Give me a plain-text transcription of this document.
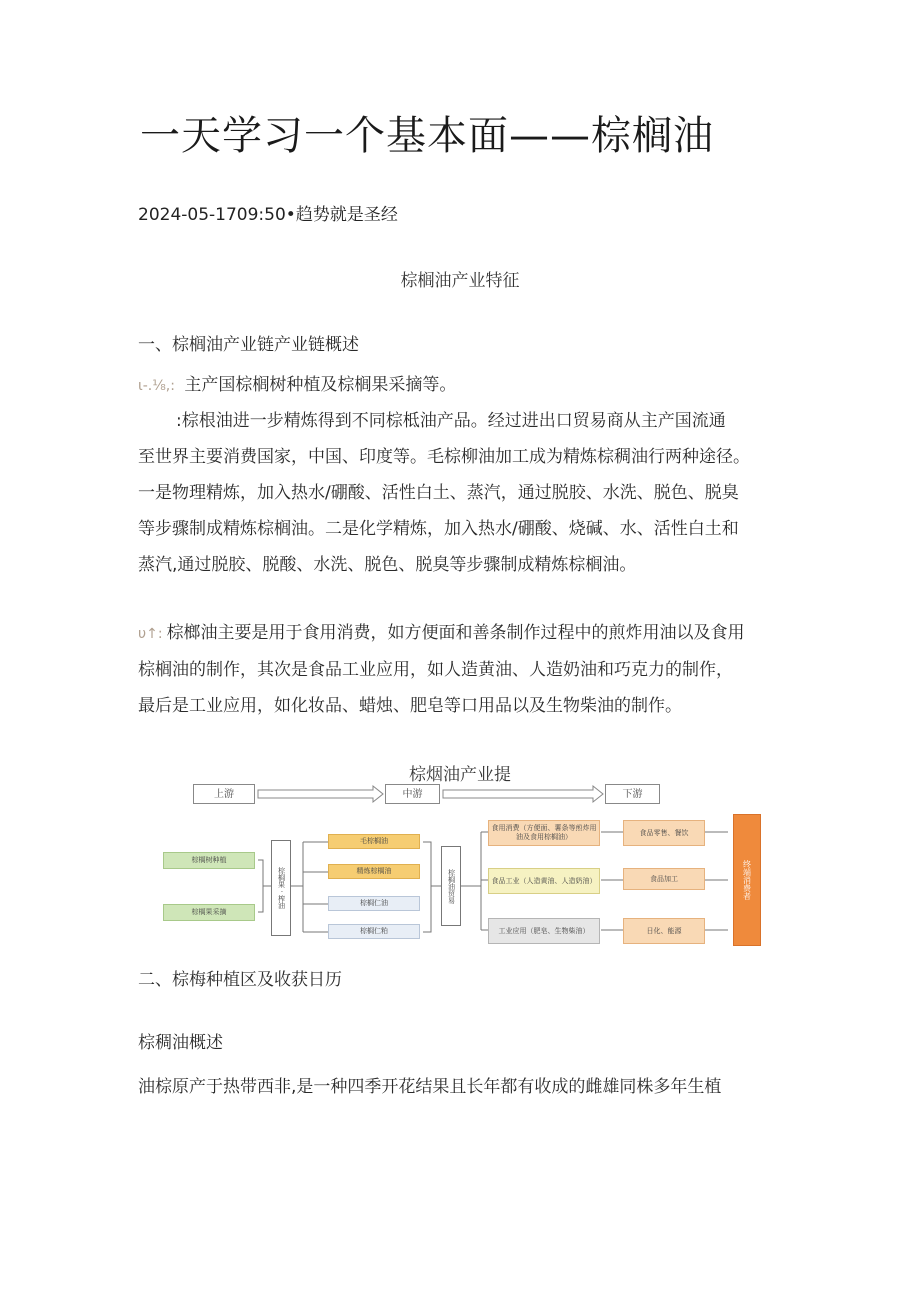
一天学习一个基本面——棕榈油
2024-05-1709:50•趋势就是圣经
棕榈油产业特征
一、棕榈油产业链产业链概述
ι-.⅛,: 主产国棕榈树种植及棕榈果采摘等。
:棕根油进一步精炼得到不同棕柢油产品。经过进出口贸易商从主产国流通
至世界主要消费国家，中国、印度等。毛棕柳油加工成为精炼棕稠油行两种途径。
一是物理精炼，加入热水/硼酸、活性白土、蒸汽，通过脱胶、水洗、脱色、脱臭
等步骤制成精炼棕榈油。二是化学精炼，加入热水/硼酸、烧碱、水、活性白土和
蒸汽,通过脱胶、脱酸、水洗、脱色、脱臭等步骤制成精炼棕榈油。
υ↑: 棕榔油主要是用于食用消费，如方便面和善条制作过程中的煎炸用油以及食用
棕榈油的制作，其次是食品工业应用，如人造黄油、人造奶油和巧克力的制作，
最后是工业应用，如化妆品、蜡烛、肥皂等口用品以及生物柴油的制作。
棕烟油产业提
上游	中游	下游
棕榈树种植
棕榈果采摘
棕榈果 · 榨油
毛棕榈油
精炼棕榈油
棕榈仁油
棕榈仁粕
棕榈油贸易
食用消费（方便面、薯条等煎炸用油及食用棕榈油）
食品工业（人造黄油、人造奶油）
工业应用（肥皂、生物柴油）
食品零售、餐饮
食品加工
日化、能源
终端消费者
二、棕梅种植区及收获日历
棕稠油概述
油棕原产于热带西非,是一种四季开花结果且长年都有收成的雌雄同株多年生植
